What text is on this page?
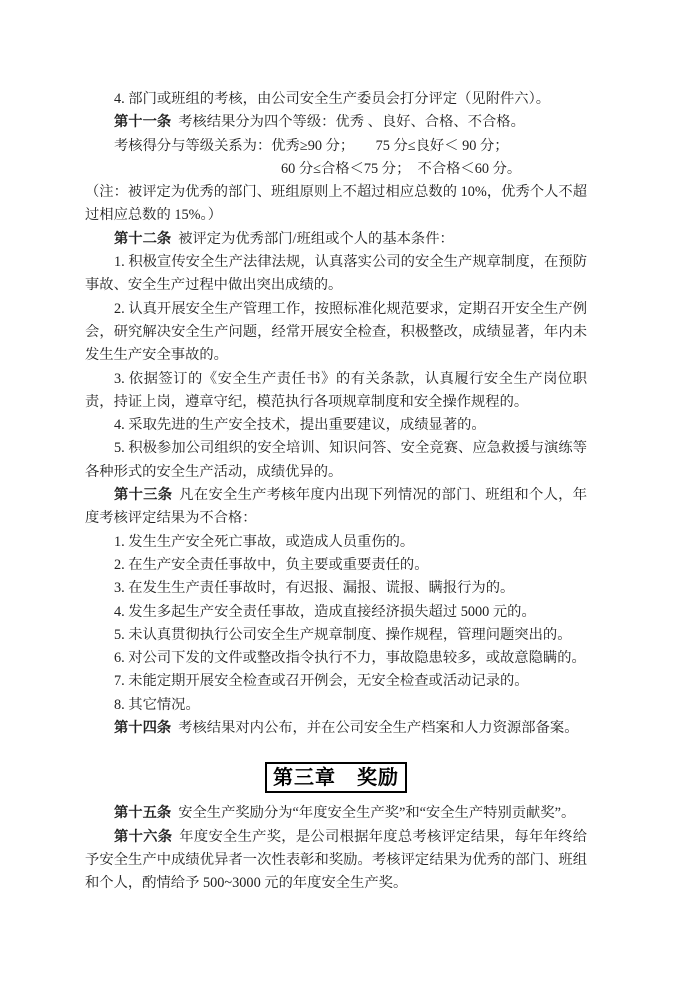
4. 部门或班组的考核，由公司安全生产委员会打分评定（见附件六）。

第十一条 考核结果分为四个等级：优秀 、良好、合格、不合格。

考核得分与等级关系为：优秀≥90 分；　　75 分≤良好＜ 90 分；

60 分≤合格＜75 分；　不合格＜60 分。

（注：被评定为优秀的部门、班组原则上不超过相应总数的 10%，优秀个人不超过相应总数的 15%。）

第十二条 被评定为优秀部门/班组或个人的基本条件：

1. 积极宣传安全生产法律法规，认真落实公司的安全生产规章制度，在预防事故、安全生产过程中做出突出成绩的。

2. 认真开展安全生产管理工作，按照标准化规范要求，定期召开安全生产例会，研究解决安全生产问题，经常开展安全检查，积极整改，成绩显著，年内未发生生产安全事故的。

3. 依据签订的《安全生产责任书》的有关条款，认真履行安全生产岗位职责，持证上岗，遵章守纪，模范执行各项规章制度和安全操作规程的。

4. 采取先进的生产安全技术，提出重要建议，成绩显著的。

5. 积极参加公司组织的安全培训、知识问答、安全竞赛、应急救援与演练等各种形式的安全生产活动，成绩优异的。

第十三条 凡在安全生产考核年度内出现下列情况的部门、班组和个人，年度考核评定结果为不合格：

1. 发生生产安全死亡事故，或造成人员重伤的。

2. 在生产安全责任事故中，负主要或重要责任的。

3. 在发生生产责任事故时，有迟报、漏报、谎报、瞒报行为的。

4. 发生多起生产安全责任事故，造成直接经济损失超过 5000 元的。

5. 未认真贯彻执行公司安全生产规章制度、操作规程，管理问题突出的。

6. 对公司下发的文件或整改指令执行不力，事故隐患较多，或故意隐瞒的。

7. 未能定期开展安全检查或召开例会，无安全检查或活动记录的。

8. 其它情况。

第十四条 考核结果对内公布，并在公司安全生产档案和人力资源部备案。

第三章　奖励

第十五条 安全生产奖励分为“年度安全生产奖”和“安全生产特别贡献奖”。

第十六条 年度安全生产奖，是公司根据年度总考核评定结果，每年年终给予安全生产中成绩优异者一次性表彰和奖励。考核评定结果为优秀的部门、班组和个人，酌情给予 500~3000 元的年度安全生产奖。
